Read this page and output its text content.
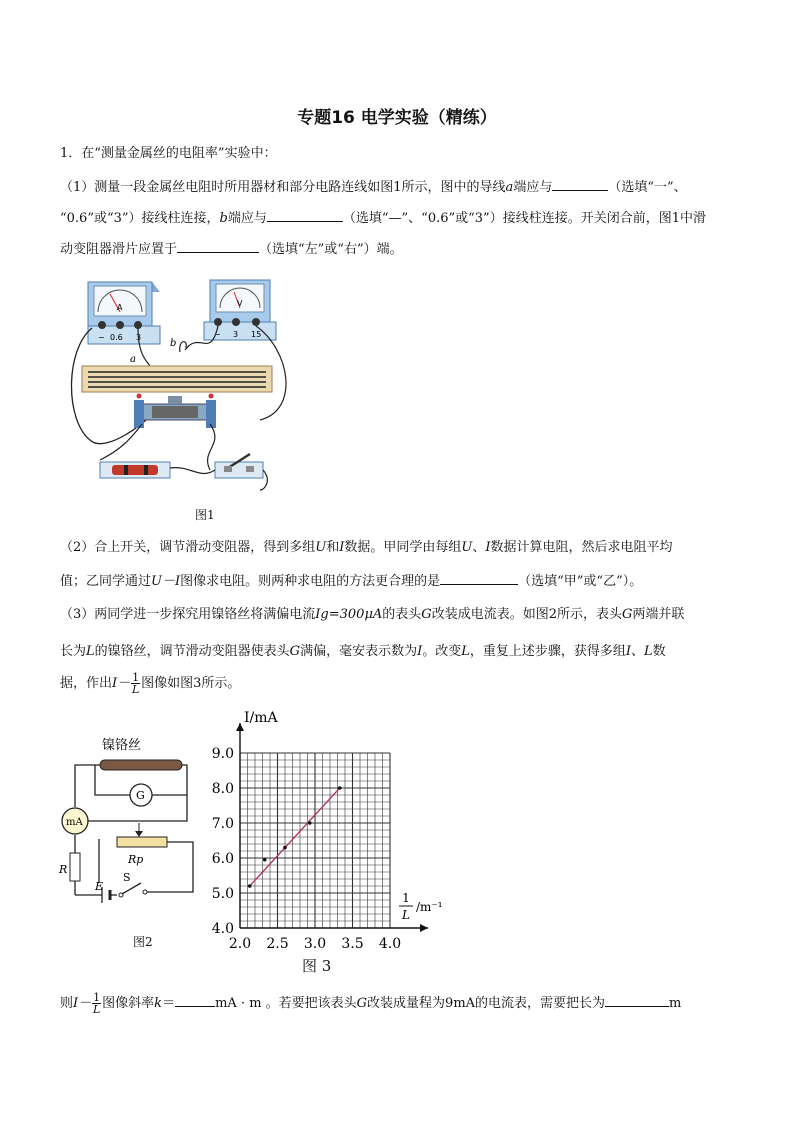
专题16 电学实验（精练）
1．在“测量金属丝的电阻率”实验中：
（1）测量一段金属丝电阻时所用器材和部分电路连线如图1所示，图中的导线a端应与	（选填“一”、
“0.6”或“3”）接线柱连接，b端应与	（选填“—”、“0.6”或“3”）接线柱连接。开关闭合前，图1中滑
动变阻器滑片应置于	（选填“左”或“右”）端。
A
− 0.6 3
V
− 3 15
b
a
图1
（2）合上开关，调节滑动变阻器，得到多组U和I数据。甲同学由每组U、I数据计算电阻，然后求电阻平均
值；乙同学通过U－I图像求电阻。则两种求电阻的方法更合理的是	（选填“甲”或“乙”）。
（3）两同学进一步探究用镍铬丝将满偏电流Ig=300μA的表头G改装成电流表。如图2所示，表头G两端并联
长为L的镍铬丝，调节滑动变阻器使表头G满偏，毫安表示数为I。改变L，重复上述步骤，获得多组I、L数
据，作出$I- \frac{1}{L}$ 图像如图3所示。
G
mA
镍铬丝
R
Rp
E
S
图2	2.0 2.5 3.0 3.5 4.0
4.0
5.0
6.0
7.0
8.0
9.0
I/mA
1
L
/m⁻¹
图 3
则$I- \frac{1}{L}$ 图像斜率k＝	mA · m 。若要把该表头G改装成量程为9mA的电流表，需要把长为	m
